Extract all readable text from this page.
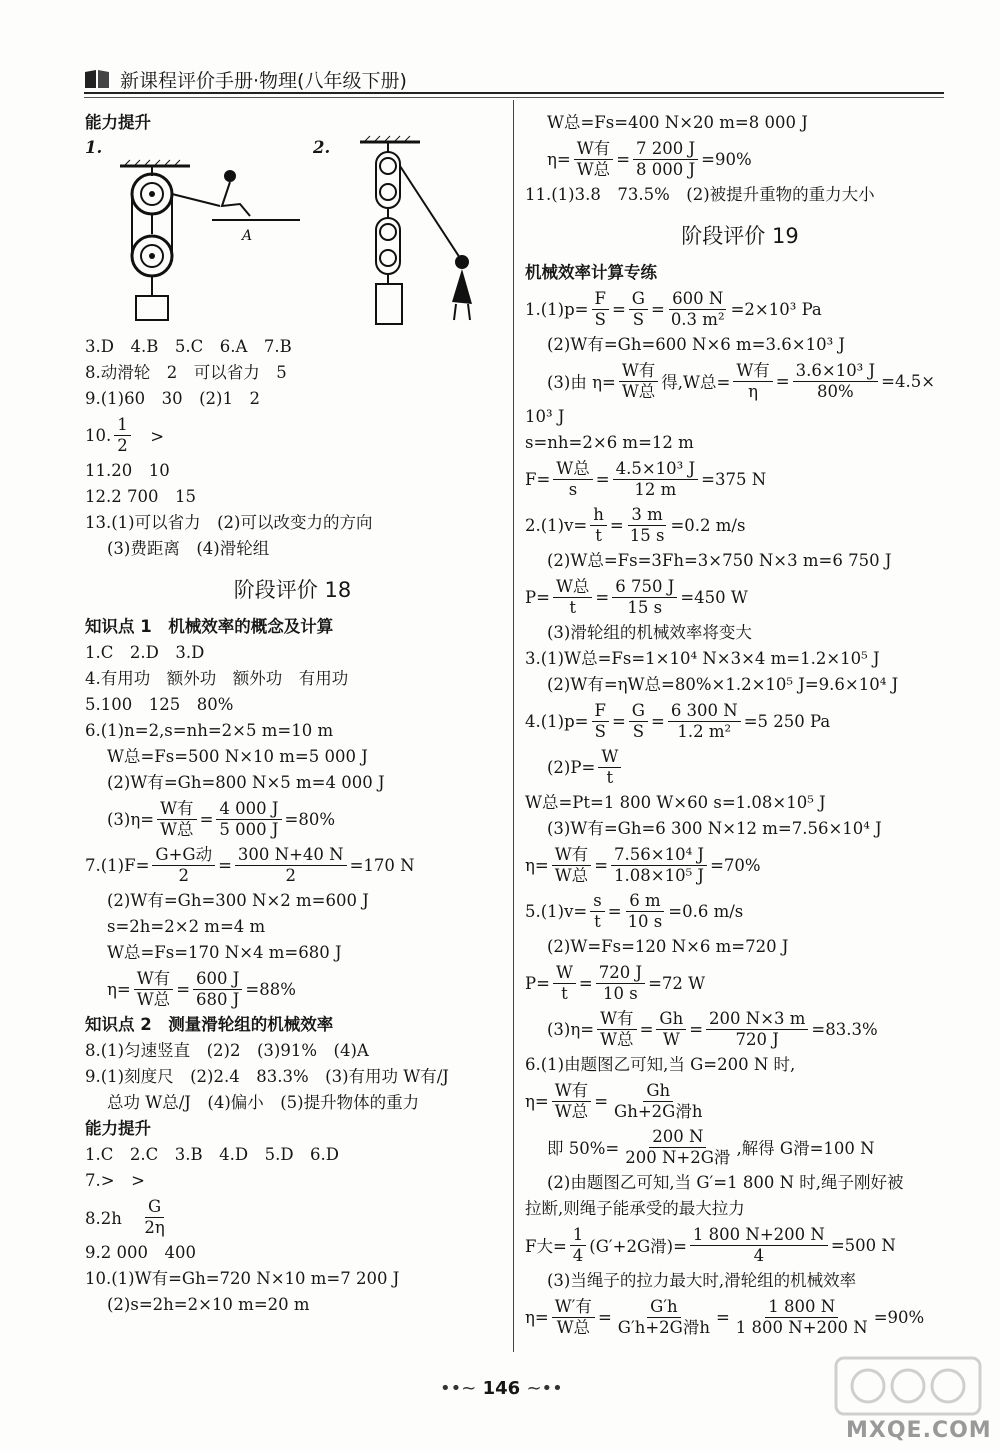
新课程评价手册·物理(八年级下册)
能力提升
1.	2.
A
3.D　4.B　5.C　6.A　7.B
8.动滑轮　2　可以省力　5
9.(1)60　30　(2)1　2
10. $\frac{1}{2}$ 　>
11.20　10
12.2 700　15
13.(1)可以省力　(2)可以改变力的方向
(3)费距离　(4)滑轮组
阶段评价 18
知识点 1　机械效率的概念及计算
1.C　2.D　3.D
4.有用功　额外功　额外功　有用功
5.100　125　80%
6.(1)n=2,s=nh=2×5 m=10 m
W总=Fs=500 N×10 m=5 000 J
(2)W有=Gh=800 N×5 m=4 000 J
$(3)\eta= \frac{\text{W有}}{\text{W总}} = \frac{4 000 J}{5 000 J} =80\%$
$7.(1)F= \frac{\text{G+G动}}{2} = \frac{300 N+40 N}{2} =170$ N
(2)W有=Gh=300 N×2 m=600 J
s=2h=2×2 m=4 m
W总=Fs=170 N×4 m=680 J
$\eta= \frac{\text{W有}}{\text{W总}} = \frac{600 J}{680 J} =88\%$
知识点 2　测量滑轮组的机械效率
8.(1)匀速竖直　(2)2　(3)91%　(4)A
9.(1)刻度尺　(2)2.4　83.3%　(3)有用功 W有/J
总功 W总/J　(4)偏小　(5)提升物体的重力
能力提升
1.C　2.C　3.B　4.D　5.D　6.D
7.>　>
8.2h　 $\frac{G}{2\eta}$
9.2 000　400
10.(1)W有=Gh=720 N×10 m=7 200 J
(2)s=2h=2×10 m=20 m
W总=Fs=400 N×20 m=8 000 J
$\eta= \frac{\text{W有}}{\text{W总}} = \frac{7 200 J}{8 000 J} =90\%$
11.(1)3.8　73.5%　(2)被提升重物的重力大小
阶段评价 19
机械效率计算专练
$1.(1)p= \frac{F}{S} = \frac{G}{S} = \frac{600 N}{\text{0.3 m²}} =2\times 10^3$ Pa
(2)W有=Gh=600 N×6 m=3.6×10³ J
(3)由 $\eta= \frac{\text{W有}}{\text{W总}}$ 得,W总= $\frac{\text{W有}}{\eta} = \frac{\text{3.6×10³ J}}{80\%} =4.5\times$
10³ J
s=nh=2×6 m=12 m
$F= \frac{\text{W总}}{s} = \frac{\text{4.5×10³ J}}{12 m} =375$ N
$2.(1)v= \frac{h}{t} = \frac{3 m}{15 s} =0.2$ m/s
(2)W总=Fs=3Fh=3×750 N×3 m=6 750 J
$P= \frac{\text{W总}}{t} = \frac{6 750 J}{15 s} =450$ W
(3)滑轮组的机械效率将变大
3.(1)W总=Fs=1×10⁴ N×3×4 m=1.2×10⁵ J
(2)W有=ηW总=80%×1.2×10⁵ J=9.6×10⁴ J
$4.(1)p= \frac{F}{S} = \frac{G}{S} = \frac{6 300 N}{\text{1.2 m²}} =5$ 250 Pa
$(2)P= \frac{W}{t}$
W总=Pt=1 800 W×60 s=1.08×10⁵ J
(3)W有=Gh=6 300 N×12 m=7.56×10⁴ J
$\eta= \frac{\text{W有}}{\text{W总}} = \frac{\text{7.56×10⁴ J}}{\text{1.08×10⁵ J}} =70\%$
$5.(1)v= \frac{s}{t} = \frac{6 m}{10 s} =0.6$ m/s
(2)W=Fs=120 N×6 m=720 J
$P= \frac{W}{t} = \frac{720 J}{10 s} =72$ W
$(3)\eta= \frac{\text{W有}}{\text{W总}} = \frac{Gh}{W} = \frac{200 N\times 3 m}{720 J} =83.3\%$
6.(1)由题图乙可知,当 G=200 N 时,
$\eta= \frac{\text{W有}}{\text{W总}} = \frac{Gh}{\text{Gh+2G滑h}}$
即 $50\%= \frac{200 N}{\text{200 N+2G滑}}$ ,解得 G滑=100 N
(2)由题图乙可知,当 G′=1 800 N 时,绳子刚好被
拉断,则绳子能承受的最大拉力
F大= $\frac{1}{4} (G'+2G$滑)= $\frac{1 800 N+200 N}{4} =500$ N
(3)当绳子的拉力最大时,滑轮组的机械效率
$\eta= \frac{\text{W′有}}{\text{W总}} = \frac{G'h}{\text{G′h+2G滑h}} = \frac{1 800 N}{1 800 N+200 N} =90\%$
••~ 146 ~••
MXQE.COM
